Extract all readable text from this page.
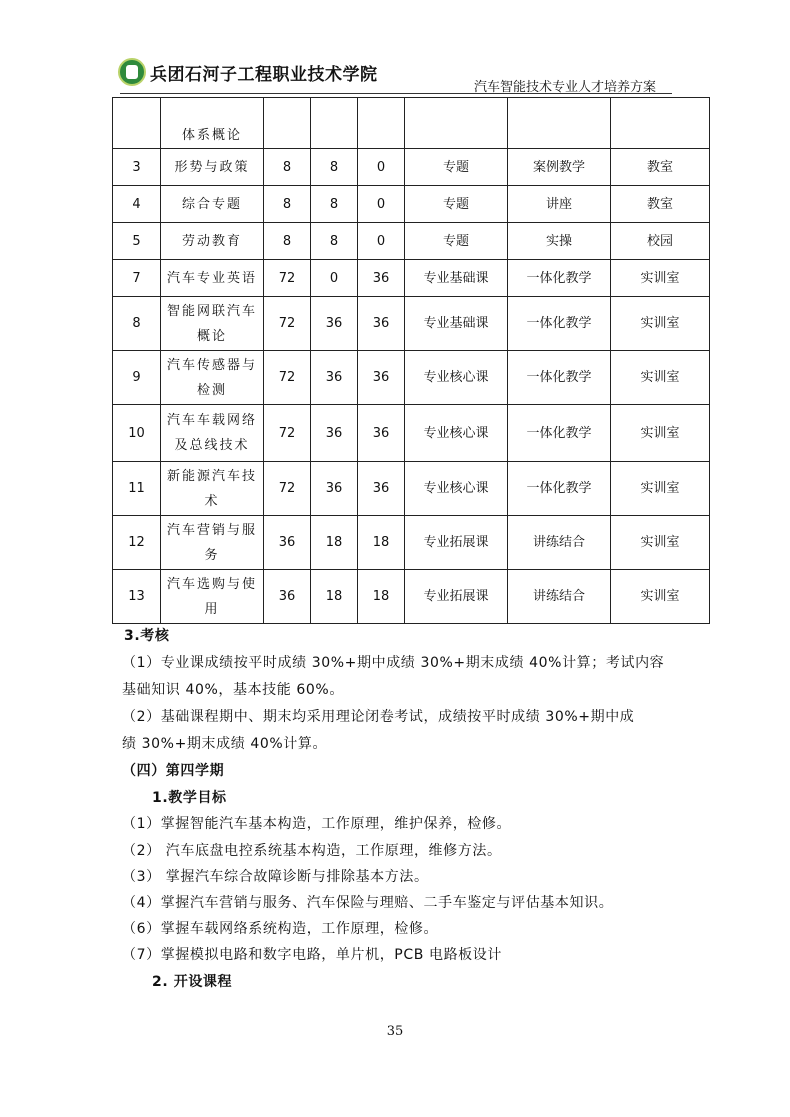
兵团石河子工程职业技术学院
汽车智能技术专业人才培养方案

	体系概论						

3	形势与政策	8	8	0	专题	案例教学	教室
4	综合专题	8	8	0	专题	讲座	教室
5	劳动教育	8	8	0	专题	实操	校园
7	汽车专业英语	72	0	36	专业基础课	一体化教学	实训室
8	智能网联汽车
概论	72	36	36	专业基础课	一体化教学	实训室
9	汽车传感器与
检测	72	36	36	专业核心课	一体化教学	实训室
10	汽车车载网络
及总线技术	72	36	36	专业核心课	一体化教学	实训室
11	新能源汽车技
术	72	36	36	专业核心课	一体化教学	实训室
12	汽车营销与服
务	36	18	18	专业拓展课	讲练结合	实训室
13	汽车选购与使
用	36	18	18	专业拓展课	讲练结合	实训室
3.考核
（1）专业课成绩按平时成绩 30%+期中成绩 30%+期末成绩 40%计算；考试内容
基础知识 40%，基本技能 60%。
（2）基础课程期中、期末均采用理论闭卷考试，成绩按平时成绩 30%+期中成
绩 30%+期末成绩 40%计算。
（四）第四学期
1.教学目标
（1）掌握智能汽车基本构造，工作原理，维护保养，检修。
（2） 汽车底盘电控系统基本构造，工作原理，维修方法。
（3） 掌握汽车综合故障诊断与排除基本方法。
（4）掌握汽车营销与服务、汽车保险与理赔、二手车鉴定与评估基本知识。
（6）掌握车载网络系统构造，工作原理，检修。
（7）掌握模拟电路和数字电路，单片机，PCB 电路板设计
2. 开设课程
35
